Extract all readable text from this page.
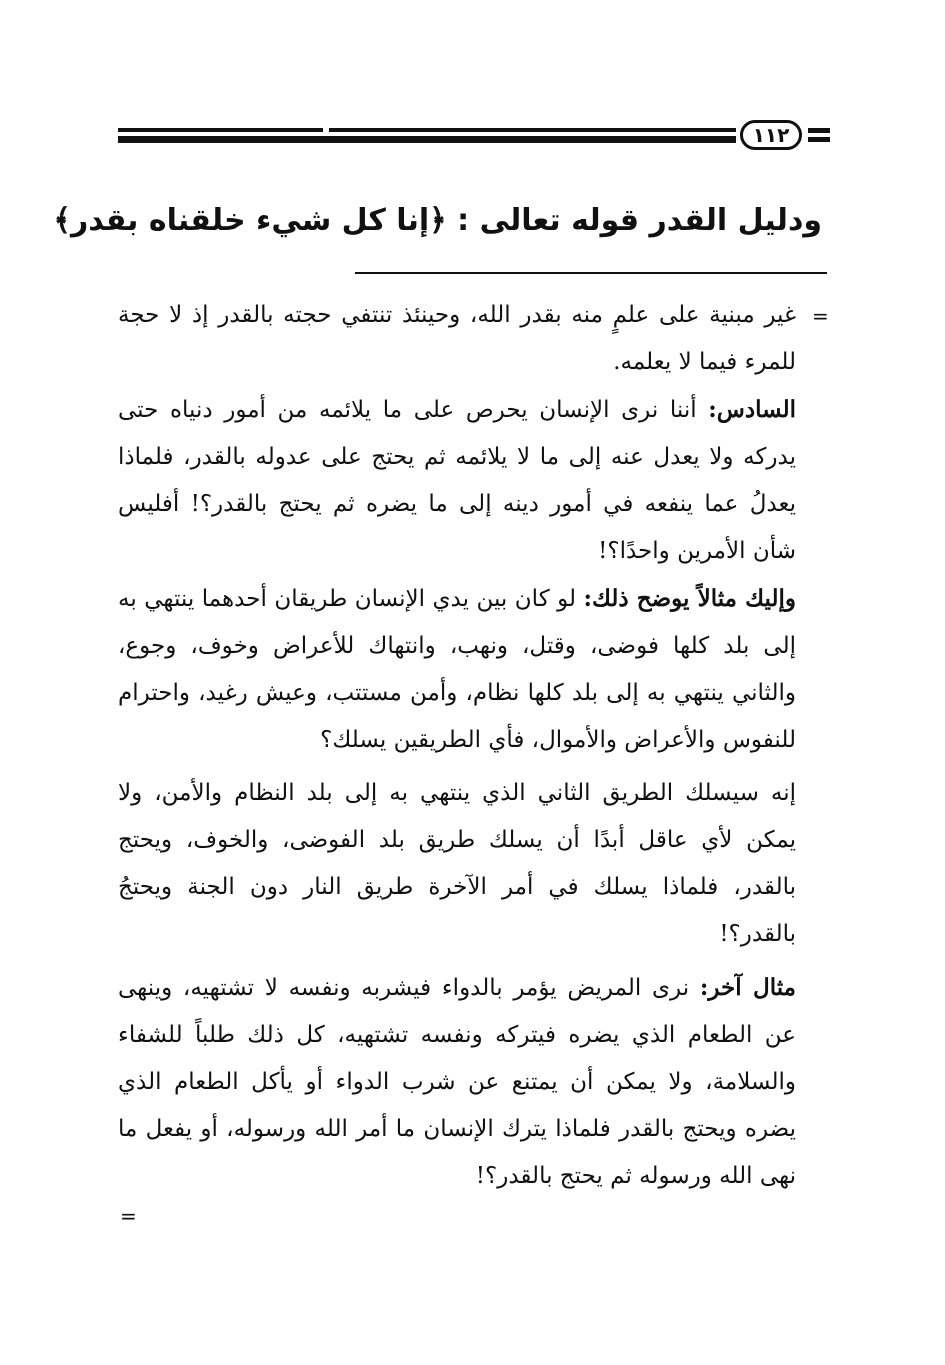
١١٢
ودليل القدر قوله تعالى : ﴿إنا كل شيء خلقناه بقدر﴾
=

غير مبنية على علمٍ منه بقدر الله، وحينئذ تنتفي حجته بالقدر إذ لا حجة للمرء فيما لا يعلمه.

السادس: أننا نرى الإنسان يحرص على ما يلائمه من أمور دنياه حتى يدركه ولا يعدل عنه إلى ما لا يلائمه ثم يحتج على عدوله بالقدر، فلماذا يعدلُ عما ينفعه في أمور دينه إلى ما يضره ثم يحتج بالقدر؟! أفليس شأن الأمرين واحدًا؟!

وإليك مثالاً يوضح ذلك: لو كان بين يدي الإنسان طريقان أحدهما ينتهي به إلى بلد كلها فوضى، وقتل، ونهب، وانتهاك للأعراض وخوف، وجوع، والثاني ينتهي به إلى بلد كلها نظام، وأمن مستتب، وعيش رغيد، واحترام للنفوس والأعراض والأموال، فأي الطريقين يسلك؟

إنه سيسلك الطريق الثاني الذي ينتهي به إلى بلد النظام والأمن، ولا يمكن لأي عاقل أبدًا أن يسلك طريق بلد الفوضى، والخوف، ويحتج بالقدر، فلماذا يسلك في أمر الآخرة طريق النار دون الجنة ويحتجُ بالقدر؟!

مثال آخر: نرى المريض يؤمر بالدواء فيشربه ونفسه لا تشتهيه، وينهى عن الطعام الذي يضره فيتركه ونفسه تشتهيه، كل ذلك طلباً للشفاء والسلامة، ولا يمكن أن يمتنع عن شرب الدواء أو يأكل الطعام الذي يضره ويحتج بالقدر فلماذا يترك الإنسان ما أمر الله ورسوله، أو يفعل ما نهى الله ورسوله ثم يحتج بالقدر؟!

=
